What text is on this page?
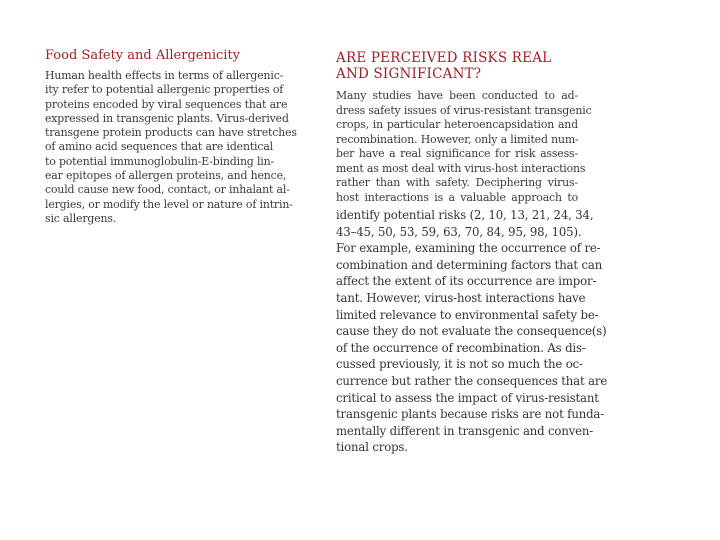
Food Safety and Allergenicity
Human health effects in terms of allergenic-
ity refer to potential allergenic properties of
proteins encoded by viral sequences that are
expressed in transgenic plants. Virus-derived
transgene protein products can have stretches
of amino acid sequences that are identical
to potential immunoglobulin-E-binding lin-
ear epitopes of allergen proteins, and hence,
could cause new food, contact, or inhalant al-
lergies, or modify the level or nature of intrin-
sic allergens.
ARE PERCEIVED RISKS REAL
AND SIGNIFICANT?
Many studies have been conducted to ad-
dress safety issues of virus-resistant transgenic
crops, in particular heteroencapsidation and
recombination. However, only a limited num-
ber have a real significance for risk assess-
ment as most deal with virus-host interactions
rather than with safety. Deciphering virus-
host interactions is a valuable approach to
identify potential risks (2, 10, 13, 21, 24, 34,
43–45, 50, 53, 59, 63, 70, 84, 95, 98, 105).
For example, examining the occurrence of re-
combination and determining factors that can
affect the extent of its occurrence are impor-
tant. However, virus-host interactions have
limited relevance to environmental safety be-
cause they do not evaluate the consequence(s)
of the occurrence of recombination. As dis-
cussed previously, it is not so much the oc-
currence but rather the consequences that are
critical to assess the impact of virus-resistant
transgenic plants because risks are not funda-
mentally different in transgenic and conven-
tional crops.
